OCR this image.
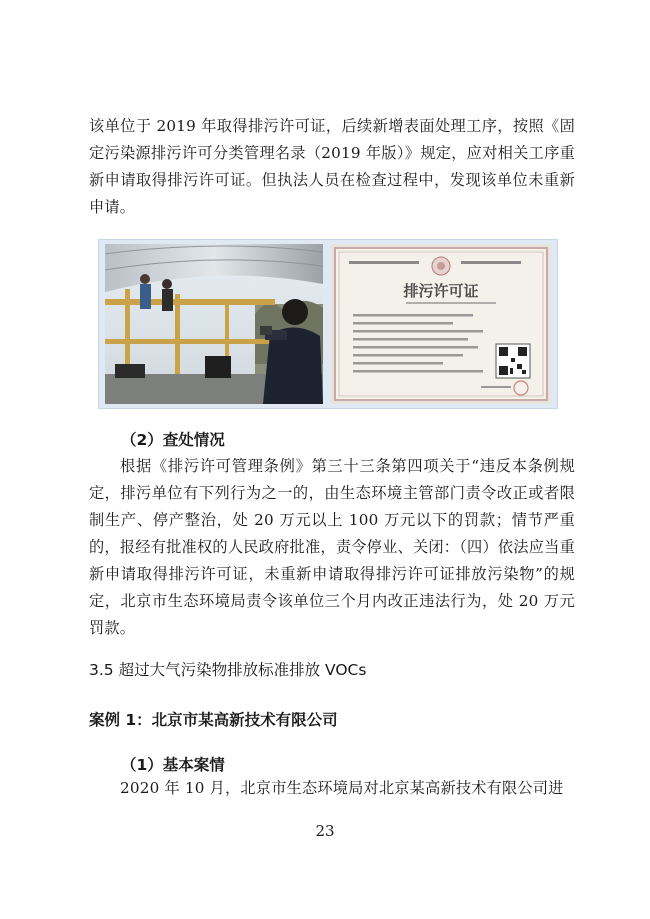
该单位于 2019 年取得排污许可证，后续新增表面处理工序，按照《固定污染源排污许可分类管理名录（2019 年版）》规定，应对相关工序重新申请取得排污许可证。但执法人员在检查过程中，发现该单位未重新申请。

排污许可证

（2）查处情况

根据《排污许可管理条例》第三十三条第四项关于“违反本条例规定，排污单位有下列行为之一的，由生态环境主管部门责令改正或者限制生产、停产整治，处 20 万元以上 100 万元以下的罚款；情节严重的，报经有批准权的人民政府批准，责令停业、关闭：（四）依法应当重新申请取得排污许可证，未重新申请取得排污许可证排放污染物”的规定，北京市生态环境局责令该单位三个月内改正违法行为，处 20 万元罚款。

3.5 超过大气污染物排放标准排放 VOCs

案例 1：北京市某高新技术有限公司

（1）基本案情

2020 年 10 月，北京市生态环境局对北京某高新技术有限公司进

23
